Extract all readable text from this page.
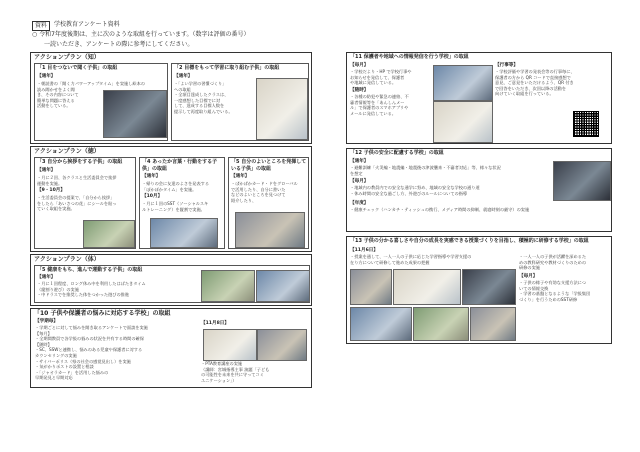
資料	学校教育アンケート資料
○ 令和7年度後期は、主に次のような取組を行っています。（数字は評価の番号）
一読いただき、アンケートの際に参考にしてください。
アクションプラン（知）
「1 目をつないで聞く子供」の取組
【通年】
・朝読書の「聞く力パワーアップタイム」を実施し絵本の
読み聞かせをよく聞
き、その内容について
簡単な問題に答える
活動をしている。
「2 目標をもって学習に取り組む子供」の取組
【通年】
・「よい学習の習慣づくり」
への取組
・全項目達成したクラスは、
一度感想した目標でに対
して、達成する目標人数を
提示して再度取り組んでいる。
アクションプラン（徳）
「3 自分から挨拶をする子供」の取組
【通年】
・月に２回、各クラスと生活委員会で挨拶
運動を実施。
【9・10月】
・生活委員会の提案で、「自分から挨拶」
をしたら「あいさつの花」にシールを貼っ
ていく取組を実施。
「4 あったか言葉・行動をする子供」の取組
【通年】
・帰りの会に友達のよさを発表する
「ぽかぽかタイム」を実施。
【10月】
・月に１回のSST（ソーシャルスキ
ルトレーニング）を縦割で実施。
「5 自分のよいところを発揮している子供」の取組
【通年】
・ぱかぱかカード・ドをグローバル
で活用したり、自分に書いた
などのよいところを見つけて
紹介したり、
アクションプラン（体）
「5 健康をもち、進んで運動する子供」の取組
【通年】
・月に１回程度、ロング休み中を利用したはばたきタイム
（縦割り遊び）の実施
・中ドラスでを推奨した体をつかった遊びの推進
「10 子供や保護者の悩みに対応する学校」の取組
【学期毎】
・学期ごとに対して悩みを聞き取るアンケートで面談を実施
【毎月】
・全期間教員で各学級の悩みの状況を共有する時間の確保
【随時】
・SC、SSWと連携し、悩みのある児童や保護者に対する
カウンセリングの実施
・サイバーポリス（県の社会の感覚見出し）を実施
・気がかりポストの設置と相談
・「ジャオラカード」を活用した悩みの
早期発見と早期対応
【11月8日】
・PTA教育講座の実施
（講師：宮城指導主事 演題「子ども
の可能性を未来を共に守ってコミ
ユニケーション」）
「11 保護者や地域への情報発信を行う学校」の取組
【毎月】
・学校だより・HP で学校行事や
お知らせを発信して、保護者
や地域に発信している。
【随時】
・各種の防犯や緊急の連絡、不
審者情報等を「あんしんメー
ル」で保護者のスマホアプリや
メールに発信している。
【行事等】
・学校評価や学習の発表会等の行事毎に、
保護者の方から QR コードで直接感想で
意見、ご意見をいただけるよう、QR 付き
で回答をいただき、次回以降の活動を
向けていく取組を行っている。
「12 子供の安全に配慮する学校」の取組
【通年】
・避難訓練「火災編・地震編・地震後の津波襲来・不審者対応」等、様々な状況
を想定
【毎月】
・地域内の教員内での安全な通学に努め、地域の安全な学校の通り道
・休み時間の安全な過ごし方、外遊びのルールについての指導
【年度】
・健康チェック（ハンカチ・ティッシュの携行、メディア時間の抑制、就寝時刻の厳守）の実施
「13 子供の分かる喜しさや自分の成長を実感できる授業づくりを目指し、積極的に研修する学校」の取組
【11月6日】
・授業を通して、一人一人の子供に応じた学習指導や学習支援の
在り方について研修して進めた成果の把握
・一人一人の子供が活躍を深めるた
めの教科研究や教材づくりのための
研修の実施
【毎月】
・子供の様子や有効な支援方法につ
いての情報交換
・学習の基盤となるような「学級集団
づくり」を行うためのSST研修
